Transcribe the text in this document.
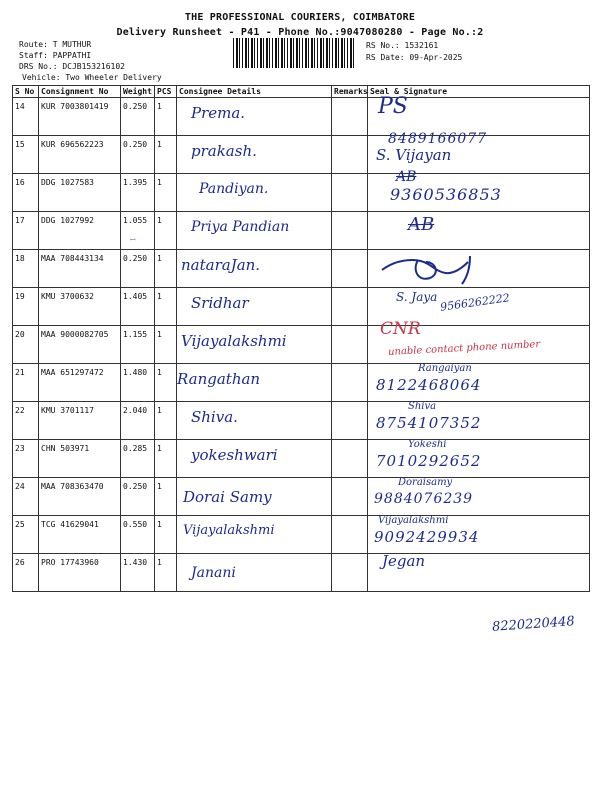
THE PROFESSIONAL COURIERS, COIMBATORE
Delivery Runsheet - P41 - Phone No.:9047080280 - Page No.:2
Route: T MUTHUR
Staff: PAPPATHI
DRS No.: DCJB153216102
Vehicle: Two Wheeler Delivery
RS No.: 1532161
RS Date: 09-Apr-2025
S No	Consignment No	Weight	PCS	Consignee Details	Remarks	Seal & Signature
14	KUR 7003801419	0.250	1	Prema.		PS

15	KUR 696562223	0.250	1	prakash.		8489166077
S. Vijayan

16	DDG 1027583	1.395	1	Pandiyan.		AB
9360536853

17	DDG 1027992	1.055	1	Priya Pandian		AB

18	MAA 708443134	0.250	1	nataraJan.

19	KMU 3700632	1.405	1	Sridhar		S. Jaya 9566262222

20	MAA 9000082705	1.155	1	Vijayalakshmi		CNR
unable contact phone number

21	MAA 651297472	1.480	1	Rangathan		Rangaiyan
8122468064

22	KMU 3701117	2.040	1	Shiva.		Shiva
8754107352

23	CHN 503971	0.285	1	yokeshwari		Yokeshi
7010292652

24	MAA 708363470	0.250	1	Dorai Samy		Doraisamy
9884076239

25	TCG 41629041	0.550	1	Vijayalakshmi		Vijayalakshmi
9092429934

26	PRO 17743960	1.430	1	Janani		Jegan
ꟷ
8220220448
